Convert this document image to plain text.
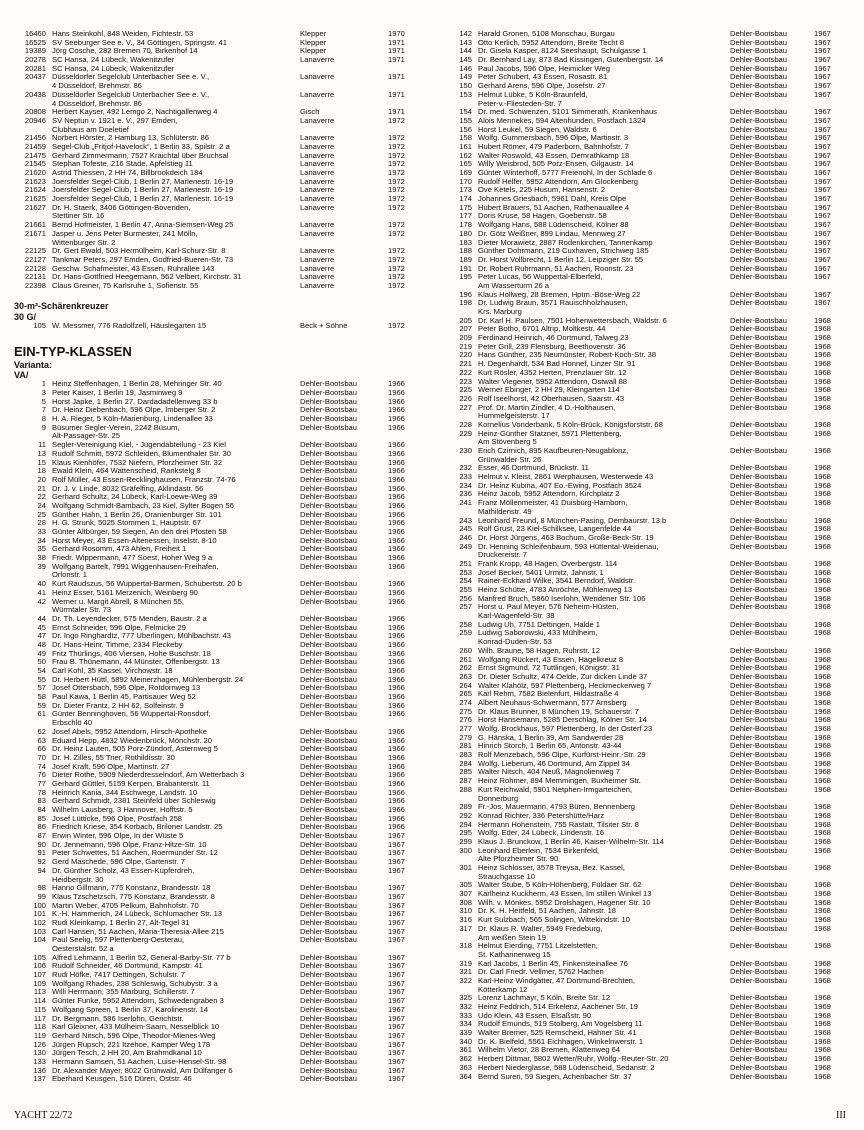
16460 Hans Steinkohl, 848 Weiden, Fichtestr. 53	Klepper	1970
16525 SV Seeburger See e. V., 34 Göttingen, Springstr. 41	Klepper	1971
19389 Jörg Cosche, 282 Bremen 70, Birkenhof 14	Klepper	1971
20278 SC Hansa, 24 Lübeck, Wakenitzufer	Lanaverre	1971
20281 SC Hansa, 24 Lübeck, Wakenitzufer
20437 Düsseldorfer Segelclub Unterbacher See e. V.,	Lanaverre	1971
4 Düsseldorf, Brehmstr. 86
20438 Düsseldorfer Segelclub Unterbacher See e. V.,	Lanaverre	1971
4 Düsseldorf, Brehmstr. 86
20808 Herbert Kayser, 492 Lemgo 2, Nachtigallenweg 4	Gisch	1971
20946 SV Neptun v. 1921 e. V., 297 Emden,	Lanaverre	1972
Clubhaus am Doeletief
21456 Norbert Hörster, 2 Hamburg 13, Schlüterstr. 86	Lanaverre	1972
21459 Segel-Club „Fritjof-Havelock“, 1 Berlin 33, Spilstr. 2 a	Lanaverre	1972
21475 Gerhard Zimmermann, 7527 Kraichtal über Bruchsal	Lanaverre	1972
21545 Stephan Tofeste, 216 Stade, Apfelstieg 11	Lanaverre	1972
21620 Astrid Thiessen, 2 HH 74, Billbrookdeich 184	Lanaverre	1972
21623 Joersfelder Segel-Club, 1 Berlin 27, Marlenestr. 16-19	Lanaverre	1972
21624 Joersfelder Segel-Club, 1 Berlin 27, Marlenestr. 16-19	Lanaverre	1972
21625 Joersfelder Segel-Club, 1 Berlin 27, Marlenestr. 16-19	Lanaverre	1972
21627 Dr. H. Staerk, 3406 Göttingen-Bovenden,	Lanaverre	1972
Stettiner Str. 16
21661 Bernd Hofmeister, 1 Berlin 47, Anna-Siemsen-Weg 25	Lanaverre	1972
21671 Jasper u. Jens Peter Burmester, 241 Mölln,	Lanaverre	1972
Wittenburger Str. 2
22125 Dr. Gert Ewald, 503 Hermülheim, Karl-Schurz-Str. 8	Lanaverre	1972
22127 Tankmar Peters, 297 Emden, Godfried-Bueren-Str. 73	Lanaverre	1972
22128 Geschw. Schafmeister, 43 Essen, Ruhrallee 143	Lanaverre	1972
22131 Dr. Hans-Gottfried Heegemann, 562 Velbert, Kirchstr. 31	Lanaverre	1972
22398 Claus Greiner, 75 Karlsruhe 1, Sofienstr. 55	Lanaverre	1972
30-m²-Schärenkreuzer
30 G/
105 W. Messmer, 776 Radolfzell, Häuslegarten 15	Beck + Söhne	1972
EIN-TYP-KLASSEN
Varianta:
VA/
1 Heinz Steffenhagen, 1 Berlin 28, Mehringer Str. 40	Dehler-Bootsbau	1966
3 Peter Kaiser, 1 Berlin 19, Jasminweg 9	Dehler-Bootsbau	1966
5 Horst Japke, 1 Berlin 27, Dardadadellenweg 33 b	Dehler-Bootsbau	1966
7 Dr. Heinz Diebenbach, 596 Olpe, Imberger Str. 2	Dehler-Bootsbau	1966
8 H. A. Rieger, 5 Köln-Marienburg, Lindenallee 33	Dehler-Bootsbau	1966
9 Büsumer Segler-Verein, 2242 Büsum,	Dehler-Bootsbau	1966
Alt-Passager-Str. 25
11 Segler-Vereinigung Kiel, - Jugendabteilung - 23 Kiel	Dehler-Bootsbau	1966
13 Rudolf Schmitt, 5972 Schleiden, Blumenthaler Str. 30	Dehler-Bootsbau	1966
15 Klaus Kienhöfer, 7532 Niefern, Pforzheimer Str. 32	Dehler-Bootsbau	1966
18 Ewald Klein, 464 Wattenscheid, Rankstelg 8	Dehler-Bootsbau	1966
20 Rolf Müller, 43 Essen-Recklinghausen, Franzstr. 74-76	Dehler-Bootsbau	1966
21 Dr. J. v. Linde, 8032 Gräfelfing, Aklindastr. 56	Dehler-Bootsbau	1966
22 Gerhard Schultz, 24 Lübeck, Karl-Loewe-Weg 39	Dehler-Bootsbau	1966
24 Wolfgang Schmidt-Bambach, 23 Kiel, Sylter Bogen 56	Dehler-Bootsbau	1966
25 Günther Hahn, 1 Berlin 26, Oranienburger Str. 101	Dehler-Bootsbau	1966
28 H. G. Strunk, 5025 Stommen 1, Hauptstr. 67	Dehler-Bootsbau	1966
33 Günter Altbürger, 59 Siegen, An den drei Pfosten 58	Dehler-Bootsbau	1966
34 Horst Meyer, 43 Essen-Altenessen, Inselstr. 8-10	Dehler-Bootsbau	1966
35 Gerhard Rosomm, 473 Ahlen, Freiheit 1	Dehler-Bootsbau	1966
38 Friedr. Wippermann, 477 Soest, Hoher Weg 9 a	Dehler-Bootsbau	1966
39 Wolfgang Bartelt, 7991 Wiggenhausen-Freihafen,	Dehler-Bootsbau	1966
Orlonstr. 1
40 Kurt Raudszus, 56 Wuppertal-Barmen, Schubertstr. 20 b	Dehler-Bootsbau	1966
41 Heinz Esser, 5161 Merzenich, Weinberg 90	Dehler-Bootsbau	1966
42 Werner u. Margit Abrell, 8 München 55,	Dehler-Bootsbau	1966
Würmtaler Str. 73
44 Dr. Th. Leyendecker, 575 Menden, Baustr. 2 a	Dehler-Bootsbau	1966
45 Ernst Schneider, 596 Olpe, Felmicke 29	Dehler-Bootsbau	1966
47 Dr. Ingo Ringhardtz, 777 Überlingen, Mühlbachstr. 43	Dehler-Bootsbau	1966
48 Dr. Hans-Heinr. Timme, 2334 Fleckeby	Dehler-Bootsbau	1966
49 Fritz Thürlings, 406 Viersen, Hohe Buschstr. 18	Dehler-Bootsbau	1966
50 Frau B. Thünemann, 44 Münster, Offenbergstr. 13	Dehler-Bootsbau	1966
54 Carl Kohl, 35 Kassel, Virchowstr. 18	Dehler-Bootsbau	1966
55 Dr. Herbert Hüttl, 5892 Meinerzhagen, Mühlenbergstr. 24	Dehler-Bootsbau	1966
57 Josef Ottersbach, 596 Olpe, Rotdornweg 13	Dehler-Bootsbau	1966
58 Paul Kawa, 1 Berlin 45, Partisauer Weg 52	Dehler-Bootsbau	1966
59 Dr. Dieter Frantz, 2 HH 62, Solfeinstr. 9	Dehler-Bootsbau	1966
61 Günter Benninghoven, 56 Wuppertal-Ronsdorf,	Dehler-Bootsbau	1966
Erbschlö 40
62 Josef Abels, 5952 Attendorn, Hirsch-Apotheke	Dehler-Bootsbau	1966
63 Eduard Hepp, 4832 Wiedenbrück, Mönchstr. 20	Dehler-Bootsbau	1966
66 Dr. Heinz Lauten, 505 Porz-Zündorf, Asternweg 5	Dehler-Bootsbau	1966
70 Dr. H. Zilles, 55 Trier, Rothildisstr. 30	Dehler-Bootsbau	1966
74 Josef Kraft, 596 Olpe, Martinstr. 27	Dehler-Bootsbau	1966
76 Dieter Rothe, 5909 Niederdresselndorf, Am Wetterbach 3	Dehler-Bootsbau	1966
77 Gerhard Güttler, 5159 Kerpen, Brabanterstr. 11	Dehler-Bootsbau	1966
78 Heinrich Kania, 344 Eschwege, Landstr. 10	Dehler-Bootsbau	1966
83 Gerhard Schmidt, 2381 Steinfeld über Schleswig	Dehler-Bootsbau	1966
84 Wilhelm Lausberg, 3 Hannover, Hofftstr. 5	Dehler-Bootsbau	1966
85 Josef Lütticke, 596 Olpe, Postfach 258	Dehler-Bootsbau	1966
86 Friedrich Kriese, 354 Korbach, Briloner Landstr. 25	Dehler-Bootsbau	1966
87 Erwin Winter, 596 Olpe, In der Wüste 5	Dehler-Bootsbau	1967
90 Dr. Jennemann, 596 Olpe, Franz-Hitze-Str. 10	Dehler-Bootsbau	1967
91 Peter Schwettes, 51 Aachen, Roermunder Str. 12	Dehler-Bootsbau	1967
92 Gerd Maschede, 596 Olpe, Gartenstr. 7	Dehler-Bootsbau	1967
94 Dr. Günther Scholz, 43 Essen-Kupferdreh,	Dehler-Bootsbau	1967
Heidbergstr. 30
98 Hanno Gillmann, 775 Konstanz, Brandesstr. 18	Dehler-Bootsbau	1967
99 Klaus Tzschetzsch, 775 Konstanz, Brandesstr. 8	Dehler-Bootsbau	1967
100 Martin Weber, 4705 Pelkum, Bahnhofstr. 70	Dehler-Bootsbau	1967
101 K.-H. Hammerich, 24 Lübeck, Schlumacher Str. 13	Dehler-Bootsbau	1967
102 Rudi Kleinkamp, 1 Berlin 27, Alt-Tegel 31	Dehler-Bootsbau	1967
103 Carl Hansen, 51 Aachen, Maria-Theresia-Allee 215	Dehler-Bootsbau	1967
104 Paul Seelig, 597 Plettenberg-Oesterau,	Dehler-Bootsbau	1967
Oesterstalstr. 52 a
105 Alfred Lehmann, 1 Berlin 52, General-Barby-Str. 77 b	Dehler-Bootsbau	1967
106 Rudolf Schneider, 46 Dortmund, Kampstr. 41	Dehler-Bootsbau	1967
107 Rudi Höfke, 7417 Dettingen, Schulstr. 7	Dehler-Bootsbau	1967
109 Wolfgang Rhades, 238 Schleswig, Schubystr. 3 a	Dehler-Bootsbau	1967
113 Willi Herrmann, 355 Marburg, Schillerstr. 7	Dehler-Bootsbau	1967
114 Günter Funke, 5952 Attendorn, Schwedengraben 3	Dehler-Bootsbau	1967
115 Wolfgang Spreen, 1 Berlin 37, Karolinenstr. 14	Dehler-Bootsbau	1967
117 Dr. Bergmann, 586 Iserlohn, Gerichtstr.	Dehler-Bootsbau	1967
118 Karl Gleixner, 433 Mülheim-Saarn, Nesselblick 10	Dehler-Bootsbau	1967
119 Gerhard Nitsch, 596 Olpe, Theodor-Mienes-Weg	Dehler-Bootsbau	1967
126 Jürgen Rupsch, 221 Itzehoe, Kamper Weg 178	Dehler-Bootsbau	1967
130 Jürgen Tesch, 2 HH 20, Am Brahmdkanal 10	Dehler-Bootsbau	1967
133 Hermann Samsen, 51 Aachen, Luise-Hensel-Str. 98	Dehler-Bootsbau	1967
136 Dr. Alexander Mayer, 8022 Grünwald, Am Dülfanger 6	Dehler-Bootsbau	1967
137 Eberhard Keusgen, 516 Düren, Oststr. 46	Dehler-Bootsbau	1967
142 Harald Gronen, 5108 Monschau, Burgau	Dehler-Bootsbau	1967
143 Otto Kerlich, 5952 Attendorn, Breite Techt 8	Dehler-Bootsbau	1967
144 Dr. Gisela Kasper, 8124 Seeshaupt, Schulgasse 1	Dehler-Bootsbau	1967
145 Dr. Bernhard Lay, 873 Bad Kissingen, Gutenbergstr. 14	Dehler-Bootsbau	1967
146 Paul Jacobs, 596 Olpe, Heimicker Weg	Dehler-Bootsbau	1967
149 Peter Schubert, 43 Essen, Rosastr. 81	Dehler-Bootsbau	1967
150 Gerhard Arens, 596 Olpe, Josefstr. 27	Dehler-Bootsbau	1967
153 Helmut Lübke, 5 Köln-Braunfeld,	Dehler-Bootsbau	1967
Peter-v.-Fliesteden-Str. 7
154 Dr. med. Schwenzen, 5101 Simmerath, Krankenhaus	Dehler-Bootsbau	1967
155 Alois Mennekes, 594 Altenhunden, Postfach 1324	Dehler-Bootsbau	1967
156 Horst Leukel, 59 Siegen, Waldstr. 6	Dehler-Bootsbau	1967
158 Wolfg. Gummersbach, 596 Olpe, Martinstr. 3	Dehler-Bootsbau	1967
161 Hubert Römer, 479 Paderborn, Bahnhofstr. 7	Dehler-Bootsbau	1967
162 Walter Roswold, 43 Essen, Demrathkamp 18	Dehler-Bootsbau	1967
165 Willy Weisbrod, 505 Porz-Ensen, Gilgaustr. 14	Dehler-Bootsbau	1967
169 Günter Winterhoff, 5777 Freienohl, In der Schlade 6	Dehler-Bootsbau	1967
170 Rudolf Helfer, 5952 Attendorn, Am Glockenberg	Dehler-Bootsbau	1967
173 Ove Ketels, 225 Husum, Hansenstr. 2	Dehler-Bootsbau	1967
174 Johannes Griesbach, 5961 Dahl, Kreis Olpe	Dehler-Bootsbau	1967
175 Hubert Brauers, 51 Aachen, Rathenauallee 4	Dehler-Bootsbau	1967
177 Doris Kruse, 58 Hagen, Goebenstr. 58	Dehler-Bootsbau	1967
178 Wolfgang Hans, 588 Lüdenscheid, Kölner 88	Dehler-Bootsbau	1967
180 Dr. Götz Weißner, 899 Lindau, Mennweg 27	Dehler-Bootsbau	1967
183 Dieter Morawietz, 2887 Rodenkirchen, Tannenkamp	Dehler-Bootsbau	1967
188 Günther Dohrmann, 219 Cuxhaven, Strichweg 185	Dehler-Bootsbau	1967
189 Dr. Horst Vollbrecht, 1 Berlin 12, Leipziger Str. 55	Dehler-Bootsbau	1967
191 Dr. Robert Ruhrmann, 51 Aachen, Roonstr. 23	Dehler-Bootsbau	1967
195 Peter Lucas, 56 Wuppertal-Elberfeld,	Dehler-Bootsbau	1967
Am Wasserturm 26 a
196 Klaus Hollweg, 28 Bremen, Hptm.-Böse-Weg 22	Dehler-Bootsbau	1967
198 Dr. Ludwig Braun, 3571 Rauischholzhausen,	Dehler-Bootsbau	1967
Krs. Marburg
205 Dr. Karl H. Paulsen, 7501 Hohenwettersbach, Waldstr. 6	Dehler-Bootsbau	1968
207 Peter Botho, 6701 Altrip, Moltkestr. 44	Dehler-Bootsbau	1968
209 Ferdinand Heinrich, 46 Dortmund, Talweg 23	Dehler-Bootsbau	1968
219 Peter Grill, 239 Flensburg, Beethovenstr. 36	Dehler-Bootsbau	1968
220 Hans Günther, 235 Neumünster, Robert-Koch-Str. 38	Dehler-Bootsbau	1968
221 H. Degenhardt, 534 Bad Honnef, Linzer Str. 91	Dehler-Bootsbau	1968
222 Kurt Rösler, 4352 Herten, Prenzlauer Str. 12	Dehler-Bootsbau	1968
223 Walter Viegener, 5952 Attendorn, Ostwall 88	Dehler-Bootsbau	1968
225 Werner Ebinger, 2 HH 29, Kleingarten 114	Dehler-Bootsbau	1968
226 Rolf Iseelhorst, 42 Oberhausen, Saarstr. 43	Dehler-Bootsbau	1968
227 Prof. Dr. Martin Zindler, 4 D.-Holthausen,	Dehler-Bootsbau	1968
Hummelgeisterstr. 17
228 Kornelius Vonderbank, 5 Köln-Brück, Königsforststr. 68	Dehler-Bootsbau	1968
229 Heinz-Günther Statzner, 5971 Plettenberg,	Dehler-Bootsbau	1968
Am Stövenberg 5
230 Erich Czirnich, 895 Kaufbeuren-Neugablonz,	Dehler-Bootsbau	1968
Grünwalder Str. 26
232 Esser, 46 Dortmund, Brückstr. 11	Dehler-Bootsbau	1968
233 Helmut v. Kleist, 2861 Werphausen, Westerwede 43	Dehler-Bootsbau	1968
234 Dr. Heinz Kubina, 407 Eo.-Ewing, Postfach 3524	Dehler-Bootsbau	1968
236 Heinz Jacob, 5952 Attendorn, Kirchplatz 2	Dehler-Bootsbau	1968
241 Franz Möllenmeister, 41 Duisburg-Hamborn,	Dehler-Bootsbau	1968
Mathildenstr. 49
243 Leonhard Freund, 8 München-Pasing, Dembaurstr. 13 b	Dehler-Bootsbau	1968
245 Rolf Grust, 23 Kiel-Schilksee, Langenfelde 44	Dehler-Bootsbau	1968
246 Dr. Horst Jürgens, 463 Bochum, Große-Beck-Str. 19	Dehler-Bootsbau	1968
249 Dr. Henning Schleifenbaum, 593 Hüttental-Weidenau,	Dehler-Bootsbau	1968
Druckereistr. 7
251 Frank Kropp, 48 Hagen, Overbergstr. 114	Dehler-Bootsbau	1968
253 Josef Becker, 5401 Urmitz, Jahnstr. 1	Dehler-Bootsbau	1968
254 Rainer-Eckhard Wilke, 3541 Berndorf, Waldstr.	Dehler-Bootsbau	1968
255 Heinz Schütte, 4783 Anröchte, Mühlenweg 13	Dehler-Bootsbau	1968
256 Manfred Bruch, 5860 Iserlohn, Wendener Str. 106	Dehler-Bootsbau	1968
257 Horst u. Paul Meyer, 576 Neheim-Hüsten,	Dehler-Bootsbau	1968
Karl-Wagenfeld-Str. 38
258 Ludwig Uh, 7751 Dettingen, Halde 1	Dehler-Bootsbau	1968
259 Ludwig Saborowski, 433 Mühlheim,	Dehler-Bootsbau	1968
Konrad-Duden-Str. 53
260 Wilh. Braune, 58 Hagen, Ruhrstr. 12	Dehler-Bootsbau	1968
261 Wolfgang Rückert, 43 Essen, Hagelkreuz 8	Dehler-Bootsbau	1968
262 Ernst Sigmund, 72 Tuttlingen, Königstr. 31	Dehler-Bootsbau	1968
263 Dr. Dieter Schultz, 474 Oelde, Zur dicken Linde 37	Dehler-Bootsbau	1968
264 Walter Klahölz, 597 Plettenberg, Heckmeckerweg 7	Dehler-Bootsbau	1968
265 Karl Rehm, 7582 Bielenfurt, Hildastraße 4	Dehler-Bootsbau	1968
274 Albert Neuhaus-Schwermann, 577 Arnsberg	Dehler-Bootsbau	1968
275 Dr. Klaus Brunner, 8 München 19, Schauerstr. 7	Dehler-Bootsbau	1968
276 Horst Hansemann, 5285 Derschlag, Kölner Str. 14	Dehler-Bootsbau	1968
277 Wolfg. Brockhaus, 597 Plettenberg, In der Osterf 23	Dehler-Bootsbau	1968
279 G. Hänska, 1 Berlin 39, Am Sandwerder 28	Dehler-Bootsbau	1968
281 Hinrich Storch, 1 Berlin 65, Antonstr. 43-44	Dehler-Bootsbau	1968
283 Rolf Menzebach, 596 Olpe, Kurfürst-Heinr.-Str. 29	Dehler-Bootsbau	1968
284 Wolfg. Lieberum, 46 Dortmund, Am Zippel 34	Dehler-Bootsbau	1968
285 Walter Nitsch, 404 Neuß, Magnolienweg 7	Dehler-Bootsbau	1968
287 Heinz Rohmer, 894 Memmingen, Buxheimer Str.	Dehler-Bootsbau	1968
288 Kurt Reichwald, 5901 Netphen-Irmgarteichen,	Dehler-Bootsbau	1968
Donnerburg
289 Fr.-Jos. Mauermann, 4793 Büren, Bennenberg	Dehler-Bootsbau	1968
292 Konrad Richter, 336 Petershütte/Harz	Dehler-Bootsbau	1968
294 Hermann Hohenstein, 755 Rastatt, Tilsiter Str. 8	Dehler-Bootsbau	1968
295 Wolfg. Eder, 24 Lübeck, Lindenstr. 16	Dehler-Bootsbau	1968
299 Klaus J. Brunckow, 1 Berlin 46, Kaiser-Wilhelm-Str. 114	Dehler-Bootsbau	1968
300 Leonhard Eberlein, 7534 Birkenfeld,	Dehler-Bootsbau	1968
Alte Pforzheimer Str. 90
301 Heinz Schlosser, 3578 Treysa, Bez. Kassel,	Dehler-Bootsbau	1968
Strauchgasse 10
305 Walter Stube, 5 Köln-Höhenberg, Fuldaer Str. 62	Dehler-Bootsbau	1968
307 Karlheinz Kuckherm, 43 Essen, Im stillen Winkel 13	Dehler-Bootsbau	1968
308 Wilh. v. Mönkes, 5952 Drolshagen, Hagener Str. 10	Dehler-Bootsbau	1968
310 Dr. K. H. Heitfeld, 51 Aachen, Jahnstr. 18	Dehler-Bootsbau	1968
316 Kurt Sulzbach, 565 Solingen, Wittekindstr. 10	Dehler-Bootsbau	1968
317 Dr. Klaus R. Walter, 5949 Fredeburg,	Dehler-Bootsbau	1968
Am weißen Stein 19
318 Helmut Eierding, 7751 Litzelstetten,	Dehler-Bootsbau	1968
St. Katharinenweg 15
319 Karl Jacobs, 1 Berlin 45, Finkensteinallee 76	Dehler-Bootsbau	1968
321 Dr. Carl Friedr. Vellmer, 5762 Hachen	Dehler-Bootsbau	1968
322 Karl-Heinz Windgätter, 47 Dortmund-Brechten,	Dehler-Bootsbau	1968
Kötterkamp 12
325 Lorenz Lachmayr, 5 Köln, Breite Str. 12	Dehler-Bootsbau	1968
332 Heinz Feddrich, 514 Erkelenz, Aachener Str. 19	Dehler-Bootsbau	1969
333 Udo Klein, 43 Essen, Elsaßstr. 90	Dehler-Bootsbau	1968
334 Rudolf Emunds, 519 Stolberg, Am Vogelsberg 11	Dehler-Bootsbau	1968
339 Walter Bremer, 525 Remscheid, Hahner Str. 41	Dehler-Bootsbau	1968
340 Dr. K. Bielfeld, 5561 Eichhagen, Winkelnwerstr. 1	Dehler-Bootsbau	1968
361 Wilhelm Vietor, 28 Bremen, Klattenweg 64	Dehler-Bootsbau	1968
362 Herbert Dittmar, 5802 Wetter/Ruhr, Wolfg.-Reuter-Str. 20	Dehler-Bootsbau	1968
363 Herbert Niederglasse, 588 Lüdenscheid, Sedanstr. 2	Dehler-Bootsbau	1968
364 Bernd Suren, 59 Siegen, Achenbacher Str. 37	Dehler-Bootsbau	1968
YACHT 22/72	III
